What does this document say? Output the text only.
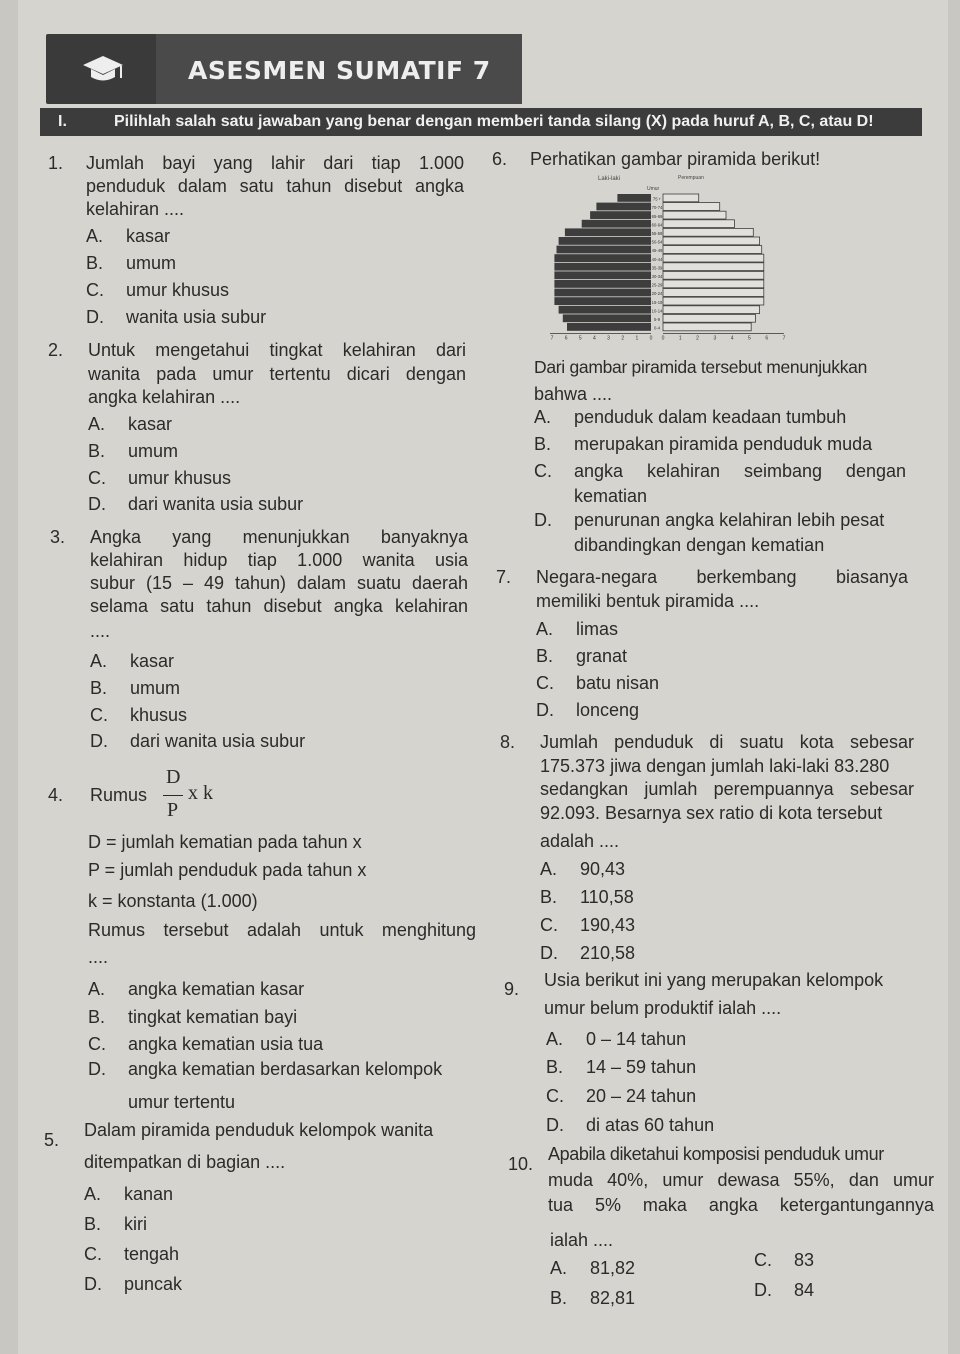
ASESMEN SUMATIF 7
I.	Pilihlah salah satu jawaban yang benar dengan memberi tanda silang (X) pada huruf A, B, C, atau D!
1. Jumlah bayi yang lahir dari tiap 1.000
penduduk dalam satu tahun disebut angka
kelahiran ....
A. kasar
B. umum
C. umur khusus
D. wanita usia subur
2. Untuk mengetahui tingkat kelahiran dari
wanita pada umur tertentu dicari dengan
angka kelahiran ....
A. kasar
B. umum
C. umur khusus
D. dari wanita usia subur
3. Angka yang menunjukkan banyaknya
kelahiran hidup tiap 1.000 wanita usia
subur (15 – 49 tahun) dalam suatu daerah
selama satu tahun disebut angka kelahiran
....
A. kasar
B. umum
C. khusus
D. dari wanita usia subur
4. Rumus
D
P
x k
D = jumlah kematian pada tahun x
P = jumlah penduduk pada tahun x
k = konstanta (1.000)
Rumus tersebut adalah untuk menghitung
....
A. angka kematian kasar
B. tingkat kematian bayi
C. angka kematian usia tua
D. angka kematian berdasarkan kelompok
umur tertentu
5. Dalam piramida penduduk kelompok wanita
ditempatkan di bagian ....
A. kanan
B. kiri
C. tengah
D. puncak
6. Perhatikan gambar piramida berikut!
Laki-laki	Perempuan
Umur
75 +
70-74
65-69
60-64
55-59
50-54
45-49
40-44
35-39
30-34
25-29
20-24
15-19
10-14
5-9
0-4
7 6 5 4 3 2 1 0 0	1	2	3	4	5	6	7
Dari gambar piramida tersebut menunjukkan
bahwa ....
A. penduduk dalam keadaan tumbuh
B. merupakan piramida penduduk muda
C. angka kelahiran seimbang dengan
kematian
D. penurunan angka kelahiran lebih pesat
dibandingkan dengan kematian
7. Negara-negara berkembang biasanya
memiliki bentuk piramida ....
A. limas
B. granat
C. batu nisan
D. lonceng
8. Jumlah penduduk di suatu kota sebesar
175.373 jiwa dengan jumlah laki-laki 83.280
sedangkan jumlah perempuannya sebesar
92.093. Besarnya sex ratio di kota tersebut
adalah ....
A. 90,43
B. 110,58
C. 190,43
D. 210,58
9. Usia berikut ini yang merupakan kelompok
umur belum produktif ialah ....
A. 0 – 14 tahun
B. 14 – 59 tahun
C. 20 – 24 tahun
D. di atas 60 tahun
10. Apabila diketahui komposisi penduduk umur
muda 40%, umur dewasa 55%, dan umur
tua 5% maka angka ketergantungannya
ialah ....
A. 81,82
B. 82,81
C. 83
D. 84
